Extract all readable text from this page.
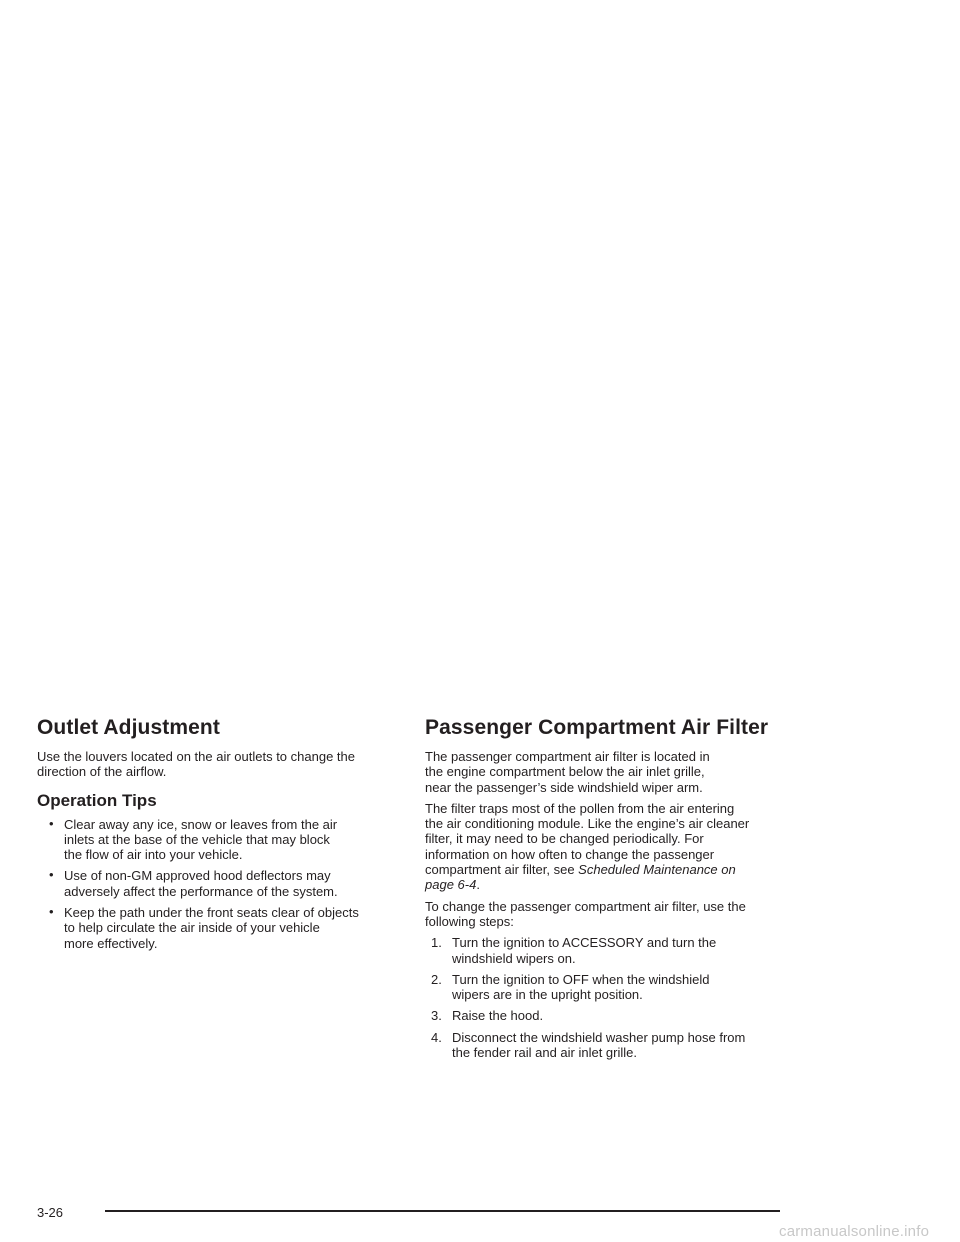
Outlet Adjustment

Use the louvers located on the air outlets to change the
direction of the airflow.

Operation Tips
• Clear away any ice, snow or leaves from the air
inlets at the base of the vehicle that may block
the flow of air into your vehicle.
• Use of non-GM approved hood deflectors may
adversely affect the performance of the system.
• Keep the path under the front seats clear of objects
to help circulate the air inside of your vehicle
more effectively.
Passenger Compartment Air Filter

The passenger compartment air filter is located in
the engine compartment below the air inlet grille,
near the passenger’s side windshield wiper arm.

The filter traps most of the pollen from the air entering
the air conditioning module. Like the engine’s air cleaner
filter, it may need to be changed periodically. For
information on how often to change the passenger
compartment air filter, see Scheduled Maintenance on
page 6-4.

To change the passenger compartment air filter, use the
following steps:

1. Turn the ignition to ACCESSORY and turn the
windshield wipers on.
2. Turn the ignition to OFF when the windshield
wipers are in the upright position.
3. Raise the hood.
4. Disconnect the windshield washer pump hose from
the fender rail and air inlet grille.
3-26
carmanualsonline.info
